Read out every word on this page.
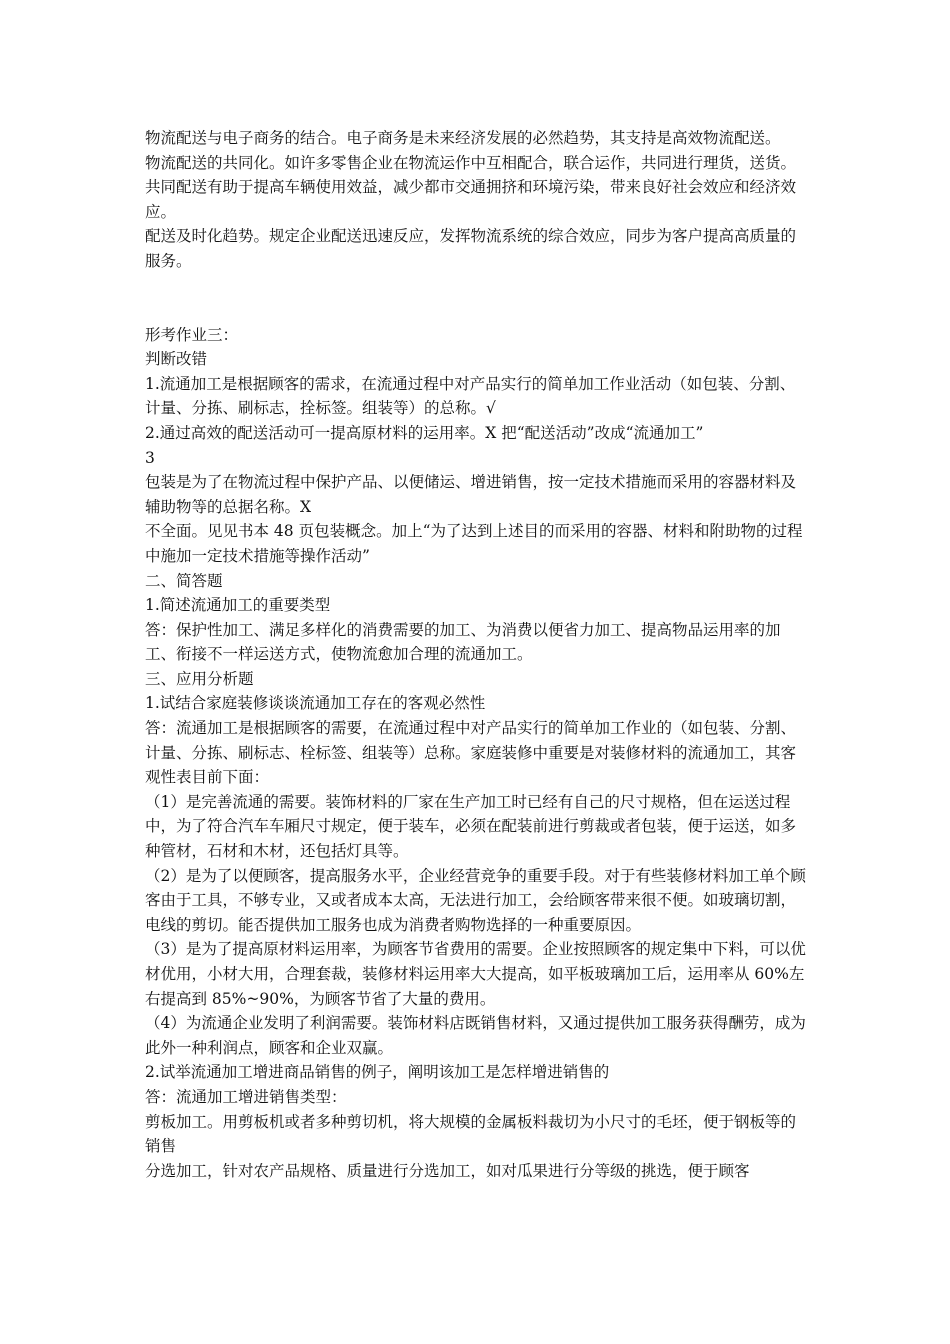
物流配送与电子商务的结合。电子商务是未来经济发展的必然趋势，其支持是高效物流配送。

物流配送的共同化。如许多零售企业在物流运作中互相配合，联合运作，共同进行理货，送货。共同配送有助于提高车辆使用效益，减少都市交通拥挤和环境污染，带来良好社会效应和经济效应。

配送及时化趋势。规定企业配送迅速反应，发挥物流系统的综合效应，同步为客户提高高质量的服务。

形考作业三：

判断改错

1.流通加工是根据顾客的需求，在流通过程中对产品实行的简单加工作业活动（如包装、分割、计量、分拣、刷标志，拴标签。组装等）的总称。√

2.通过高效的配送活动可一提高原材料的运用率。X 把“配送活动”改成“流通加工”

3

包装是为了在物流过程中保护产品、以便储运、增进销售，按一定技术措施而采用的容器材料及辅助物等的总据名称。X

不全面。见见书本 48 页包装概念。加上“为了达到上述目的而采用的容器、材料和附助物的过程中施加一定技术措施等操作活动”

二、简答题

1.简述流通加工的重要类型

答：保护性加工、满足多样化的消费需要的加工、为消费以便省力加工、提高物品运用率的加工、衔接不一样运送方式，使物流愈加合理的流通加工。

三、应用分析题

1.试结合家庭装修谈谈流通加工存在的客观必然性

答：流通加工是根据顾客的需要，在流通过程中对产品实行的简单加工作业的（如包装、分割、计量、分拣、刷标志、栓标签、组装等）总称。家庭装修中重要是对装修材料的流通加工，其客观性表目前下面：

（1）是完善流通的需要。装饰材料的厂家在生产加工时已经有自己的尺寸规格，但在运送过程中，为了符合汽车车厢尺寸规定，便于装车，必须在配装前进行剪裁或者包装，便于运送，如多种管材，石材和木材，还包括灯具等。

（2）是为了以便顾客，提高服务水平，企业经营竞争的重要手段。对于有些装修材料加工单个顾客由于工具，不够专业，又或者成本太高，无法进行加工，会给顾客带来很不便。如玻璃切割，电线的剪切。能否提供加工服务也成为消费者购物选择的一种重要原因。

（3）是为了提高原材料运用率，为顾客节省费用的需要。企业按照顾客的规定集中下料，可以优材优用，小材大用，合理套裁，装修材料运用率大大提高，如平板玻璃加工后，运用率从 60%左右提高到 85%~90%，为顾客节省了大量的费用。

（4）为流通企业发明了利润需要。装饰材料店既销售材料，又通过提供加工服务获得酬劳，成为此外一种利润点，顾客和企业双赢。

2.试举流通加工增进商品销售的例子，阐明该加工是怎样增进销售的

答：流通加工增进销售类型：

剪板加工。用剪板机或者多种剪切机，将大规模的金属板料裁切为小尺寸的毛坯，便于钢板等的销售

分选加工，针对农产品规格、质量进行分选加工，如对瓜果进行分等级的挑选，便于顾客
